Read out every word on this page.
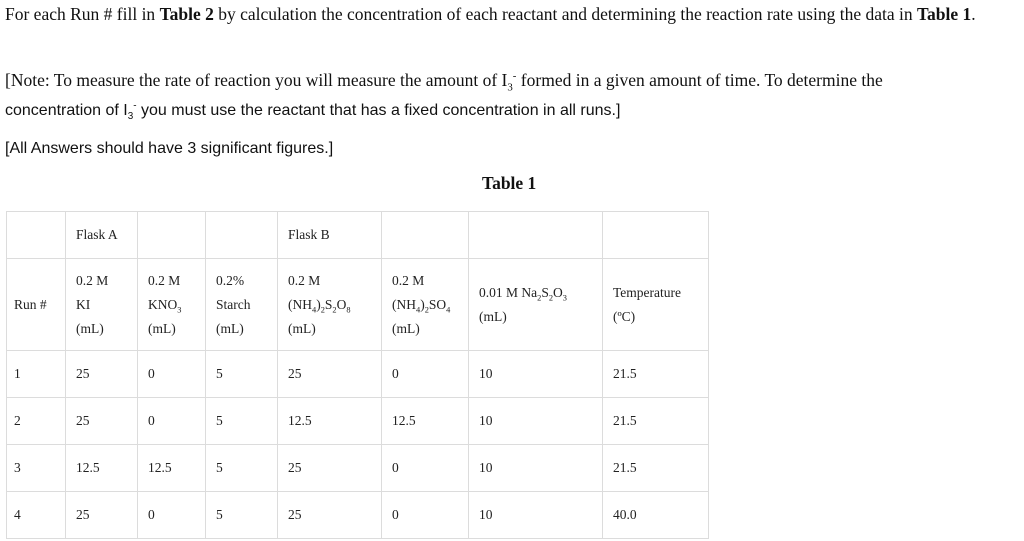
For each Run # fill in Table 2 by calculation the concentration of each reactant and determining the reaction rate using the data in Table 1.

[Note: To measure the rate of reaction you will measure the amount of $I_3^-$ formed in a given amount of time. To determine the
concentration of $I_3^-$ you must use the reactant that has a fixed concentration in all runs.]

[All Answers should have 3 significant figures.]

Table 1
	Flask A			Flask B			
Run #	0.2 M
KI
(mL)	0.2 M
$KNO_3$
(mL)	0.2%
Starch
(mL)	0.2 M
$(NH_4)_2S_2O_8$
(mL)	0.2 M
$(NH_4)_2SO_4$
(mL)	0.01 M $Na_2S_2O_3$
(mL)	Temperature
(ºC)
1	25	0	5	25	0	10	21.5
2	25	0	5	12.5	12.5	10	21.5
3	12.5	12.5	5	25	0	10	21.5
4	25	0	5	25	0	10	40.0
